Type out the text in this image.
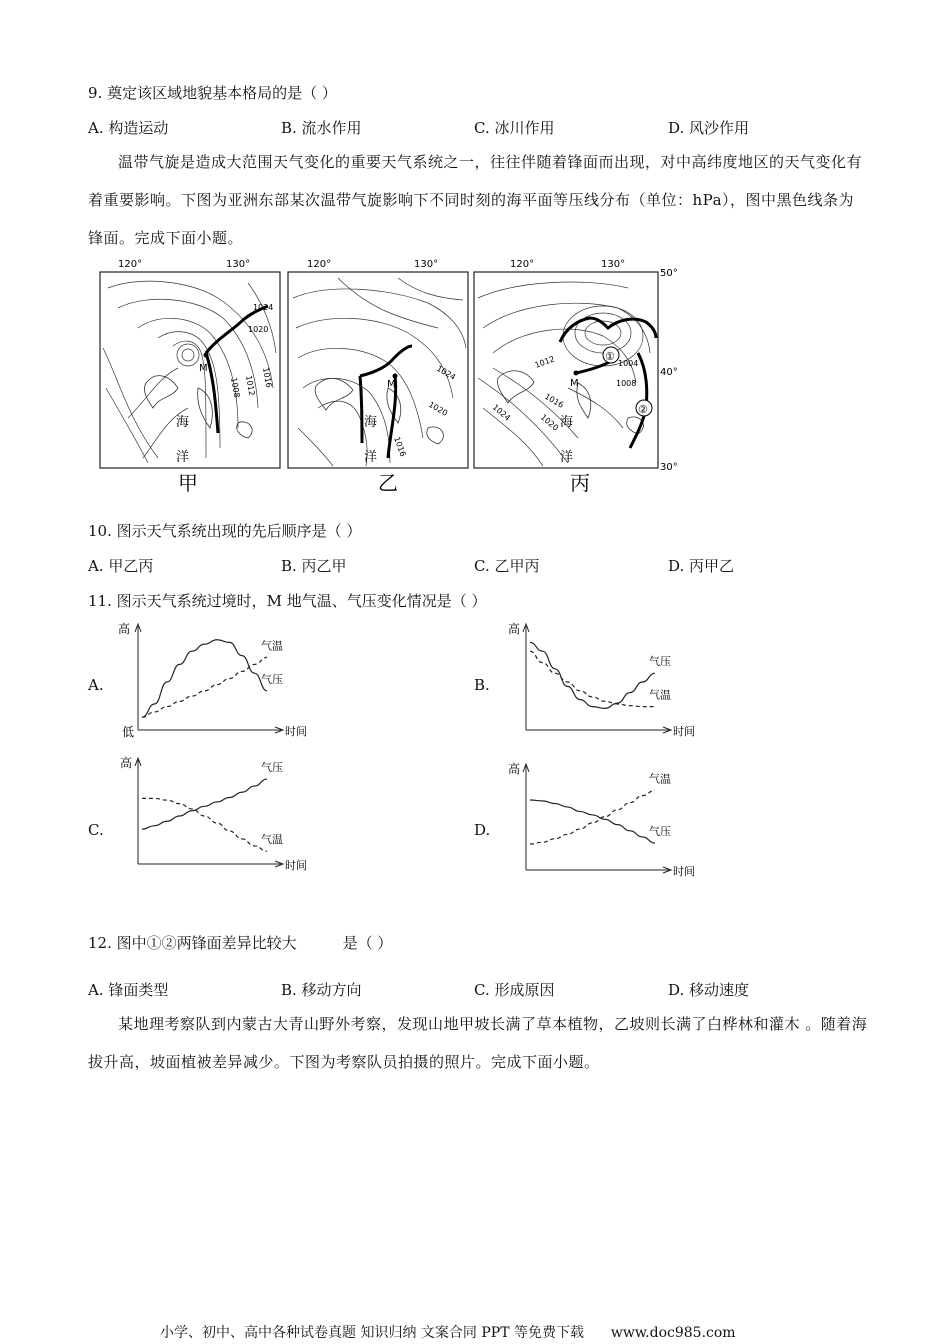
9. 奠定该区域地貌基本格局的是（ ）
A. 构造运动	B. 流水作用	C. 冰川作用	D. 风沙作用
温带气旋是造成大范围天气变化的重要天气系统之一，往往伴随着锋面而出现，对中高纬度地区的天气变化有着重要影响。下图为亚洲东部某次温带气旋影响下不同时刻的海平面等压线分布（单位：hPa），图中黑色线条为锋面。完成下面小题。
120°	130°	120°	130°	120°	130°
50°
40°
30°
M
1024
1020
1016
1012
1008
海
洋
甲
M
1024
1020
1016
海
洋
乙
M
①
②
1004
1008
1012
1016
1020
1024	海
洋
丙
10. 图示天气系统出现的先后顺序是（ ）
A. 甲乙丙	B. 丙乙甲	C. 乙甲丙	D. 丙甲乙
11. 图示天气系统过境时，M 地气温、气压变化情况是（ ）
A.	B.
C.	D.
高
低	时间
气温
气压
高
时间
气温
气压
高
时间
气压
气温
高
时间
气温
气压
12. 图中①②两锋面差异比较大	是（ ）
A. 锋面类型	B. 移动方向	C. 形成原因	D. 移动速度
某地理考察队到内蒙古大青山野外考察，发现山地甲坡长满了草本植物，乙坡则长满了白桦林和灌木 。随着海拔升高，坡面植被差异减少。下图为考察队员拍摄的照片。完成下面小题。
小学、初中、高中各种试卷真题 知识归纳 文案合同 PPT 等免费下载 www.doc985.com
